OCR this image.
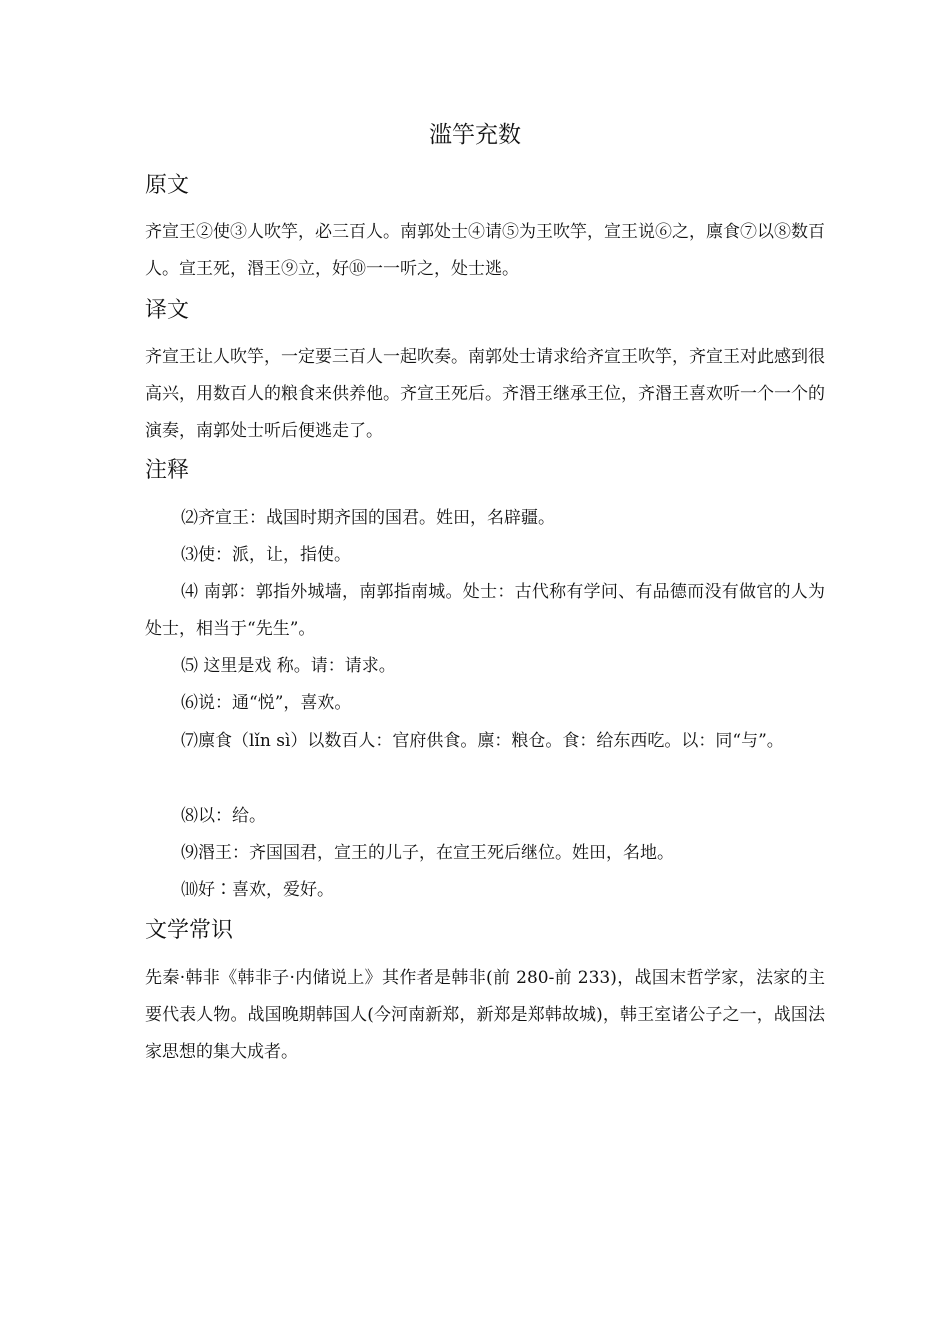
滥竽充数
原文
齐宣王②使③人吹竽，必三百人。南郭处士④请⑤为王吹竽，宣王说⑥之，廪食⑦以⑧数百人。宣王死，湣王⑨立，好⑩一一听之，处士逃。
译文
齐宣王让人吹竽，一定要三百人一起吹奏。南郭处士请求给齐宣王吹竽，齐宣王对此感到很高兴，用数百人的粮食来供养他。齐宣王死后。齐湣王继承王位，齐湣王喜欢听一个一个的演奏，南郭处士听后便逃走了。
注释
⑵齐宣王：战国时期齐国的国君。姓田，名辟疆。
⑶使：派，让，指使。
⑷ 南郭：郭指外城墙，南郭指南城。处士：古代称有学问、有品德而没有做官的人为处士，相当于“先生”。
⑸ 这里是戏 称。请：请求。
⑹说：通“悦”，喜欢。
⑺廪食（lǐn sì）以数百人：官府供食。廪：粮仓。食：给东西吃。以：同“与”。
⑻以：给。
⑼湣王：齐国国君，宣王的儿子，在宣王死后继位。姓田，名地。
⑽好∶喜欢，爱好。
文学常识
先秦·韩非《韩非子·内储说上》其作者是韩非(前 280-前 233)，战国末哲学家，法家的主要代表人物。战国晚期韩国人(今河南新郑，新郑是郑韩故城)，韩王室诸公子之一，战国法家思想的集大成者。
